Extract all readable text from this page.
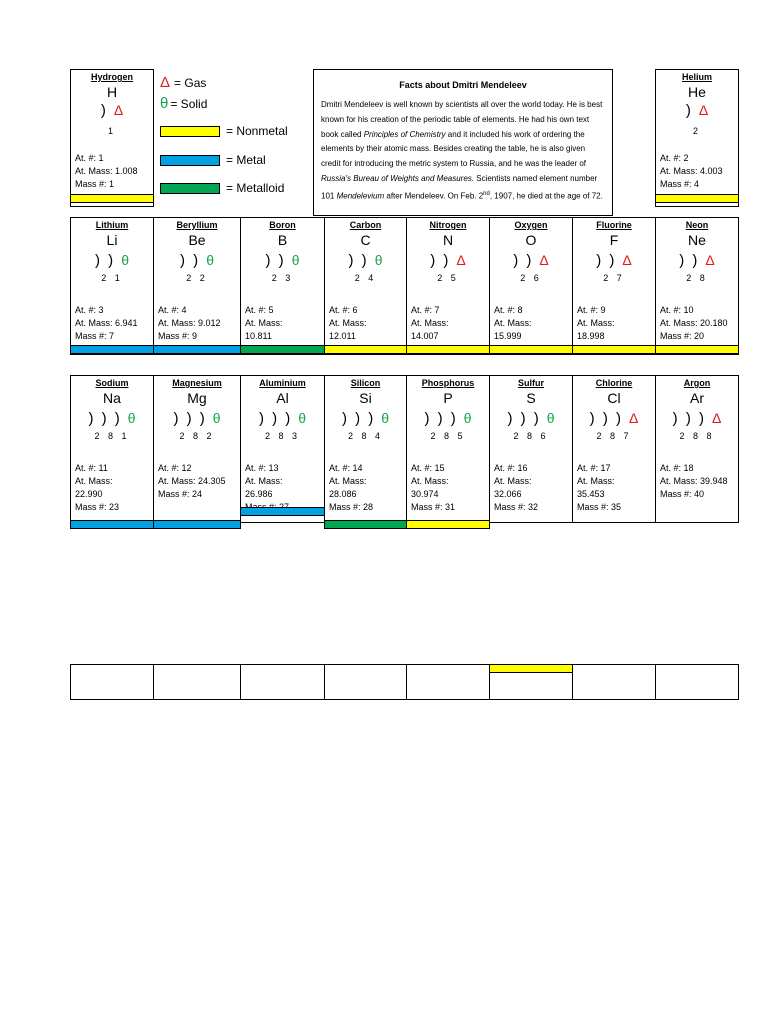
Δ = Gas
θ = Solid
= Nonmetal
= Metal
= Metalloid
Facts about Dmitri Mendeleev
Dmitri Mendeleev is well known by scientists all over the world today. He is best known for his creation of the periodic table of elements. He had his own text book called Principles of Chemistry and it included his work of ordering the elements by their atomic mass. Besides creating the table, he is also given credit for introducing the metric system to Russia, and he was the leader of Russia's Bureau of Weights and Measures. Scientists named element number 101 Mendelevium after Mendeleev. On Feb. 2nd, 1907, he died at the age of 72.
Hydrogen
H
) Δ
1
At. #: 1
At. Mass: 1.008
Mass #: 1
Helium
He
) Δ
2
At. #: 2
At. Mass: 4.003
Mass #: 4
Lithium
Li
) ) θ
2 1
At. #: 3
At. Mass: 6.941
Mass #: 7
Beryllium
Be
) ) θ
2 2
At. #: 4
At. Mass: 9.012
Mass #: 9
Boron
B
) ) θ
2 3
At. #: 5
At. Mass:
10.811
Carbon
C
) ) θ
2 4
At. #: 6
At. Mass:
12.011
Nitrogen
N
) ) Δ
2 5
At. #: 7
At. Mass:
14.007
Oxygen
O
) ) Δ
2 6
At. #: 8
At. Mass:
15.999
Fluorine
F
) ) Δ
2 7
At. #: 9
At. Mass:
18.998
Neon
Ne
) ) Δ
2 8
At. #: 10
At. Mass: 20.180
Mass #: 20
Sodium
Na
) ) ) θ
2 8 1
At. #: 11
At. Mass:
22.990
Mass #: 23
Magnesium
Mg
) ) ) θ
2 8 2
At. #: 12
At. Mass: 24.305
Mass #: 24
Aluminium
Al
) ) ) θ
2 8 3
At. #: 13
At. Mass:
26.986
Silicon
Si
) ) ) θ
2 8 4
At. #: 14
At. Mass:
28.086
Mass #: 28
Phosphorus
P
) ) ) θ
2 8 5
At. #: 15
At. Mass:
30.974
Mass #: 31
Sulfur
S
) ) ) θ
2 8 6
At. #: 16
At. Mass:
32.066
Mass #: 32
Chlorine
Cl
) ) ) Δ
2 8 7
At. #: 17
At. Mass:
35.453
Mass #: 35
Argon
Ar
) ) ) Δ
2 8 8
At. #: 18
At. Mass: 39.948
Mass #: 40
